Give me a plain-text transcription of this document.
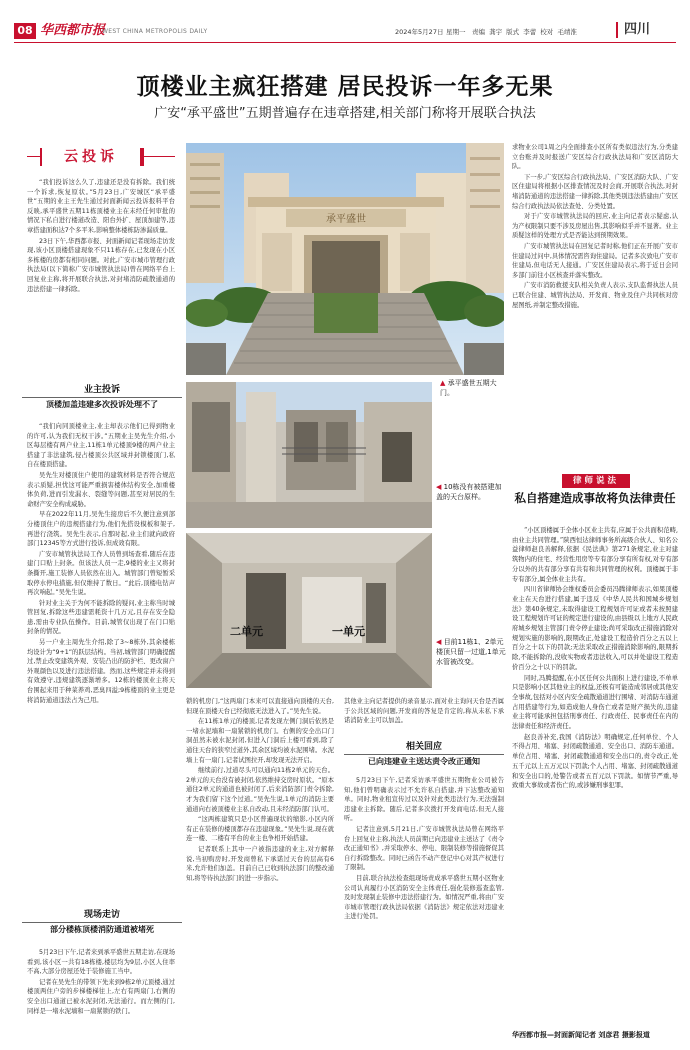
08 华西都市报
WEST CHINA METROPOLIS DAILY	2024年5月27日 星期一 责编 龚宇 版式 李蕾 校对 毛靖淮	四川
顶楼业主疯狂搭建 居民投诉一年多无果
广安“承平盛世”五期普遍存在违章搭建,相关部门称将开展联合执法
云投诉

“我们投诉这么久了,违建还是没有拆除。我们统一个诉求,恢复原状。”5月23日,广安城区“承平盛世”五期的业主王先生通过封面新闻云投诉报料平台反映,承平盛世五期11栋顶楼业主在未经任何审批的情况下私自进行楼道改造、阳台外扩、屋顶加建等,违章搭建面积达7个多平米,影响整体楼栋防渗漏质量。

23日下午,华西都市报、封面新闻记者现场走访发现,该小区顶楼搭建现象不只11栋存在,已发现在小区多栋楼的房都有相同问题。对此,广安市城市管理行政执法局(以下简称广安市城管执法局)曾在网络平台上回复业主称,将开展联合执法,对封堵消防疏散通道的违法搭建一律拆除。

业主投诉
顶楼加盖违建多次投诉处理不了

“我们向同顶楼业主,业主却表示他们已得到物业的许可,认为我们无权干涉。”五期业主吴先生介绍,小区每层楼有两户业主,11栋1单元楼顶9楼的两户业主搭建了非法建筑,侵占楼顶公共区域并封锁楼顶门,私自在楼顶搭建。

吴先生对楼顶住户使用的建筑材料是否符合规范表示质疑,担忧这可能严重损害楼体结构安全,加重楼体负荷,进而引发漏水、裂缝等问题,甚至对居民的生命财产安全构成威胁。

早在2022年11月,吴先生接房后不久便注意到部分楼顶住户的违规搭建行为,他们先搭设模板和架子,再进行浇筑。吴先生表示,自那时起,业主们就向政府部门12345等方式进行投诉,但成效有限。

广安市城管执法局工作人员曾到场查看,随后在违建门口贴上封条。但该法人员一走,9楼的业主又将封条撕开,施工装修人员依然在出入。城管部门曾短暂采取停水停电措施,但仅维持了数日。“此后,顶楼电钻声再次响起。”吴先生说。

针对业主关于为何不能拆除的疑问,业主称当时城管回复,拆除这些违建需耗资十几万元,且存在安全隐患,需由专业队伍操作。目前,城管仅出现了在门口贴封条的情况。

另一户业主周先生介绍,除了3~8栋外,其余楼栋均设计为“9+1”的跃层结构。当初,城管部门明确提醒过,禁止改变建筑外观、安装凸出的防护栏、更改窗户外观颜色以及进行违法搭建。然而,这些规定并未得到有效遵守,违规建筑逐渐增多。12栋的楼顶业主将天台围起来用于种菜养鸡,恶臭四溢;9栋楼顶的业主更是将消防通道违法占为己用。

现场走访
部分楼栋顶楼消防通道被堵死

5月23日下午,记者来到承平盛世五期走访,在现场看到,该小区一共有18栋楼,楼层均为9层,小区人住率不高,大部分房屋还处于装修施工当中。

记者在吴先生的带领下先来到9栋2单元顶楼,通过楼顶两住户旁的步梯楼梯往上,左右有两扇门,右侧的安全出口通道已被水泥封闭,无法通行。而左侧的门,同样是一堵水泥墙和一扇紧锁的铁门。

承平盛世
▲ 承平盛世五期大门。
◀ 10栋没有被搭建加盖的天台原样。
二单元	一单元
◀ 目前11栋1、2单元楼顶只留一过道,1单元水管被改变。

锁的机房门,“这两扇门本来可以直接通向顶楼的天台,但现在顶楼天台已经彻底无法进入了。”吴先生说。

在11栋1单元的楼顶,记者发现左侧门洞后依然是一堵水泥墙和一扇紧锁的机房门。右侧的安全出口门洞虽然未被水泥封闭,但进入门洞后上楼可看到,除了通往天台的狭窄过道外,其余区域均被水泥围堵。水泥墙上有一扇门,记者试图拉开,却发现无法开启。

继续前行,过道尽头可以通向11栋2单元的天台。2单元的天台没有被封闭,依然维持交房时原状。“原本通往2单元的通道也被封闭了,后来消防部门责令拆除,才为我们留下这个过道。”吴先生说,1单元的消防主要通道向右被顶楼业主私自改动,且未经消防部门认可。

“这两栋建筑只是小区普遍现状的缩影,小区内所有正在装修的楼顶都存在违建现象。”吴先生说,现在就连一楼、二楼有平台的业主也争相开始搭建。

记者联系上其中一户被指违建的业主,对方解释说,当初购房时,开发商曾私下承诺过天台的层高有6米,允许他们加盖。目前自己已收到执法部门的整改通知,将等待执法部门的进一步指示。

其他业主向记者提供的录音显示,面对业主询问天台是否属于公共区域的问题,开发商的答复是肯定的,称从未私下承诺消防业主可以加盖。

相关回应
已向违建业主送达责令改正通知

5月23日下午,记者采访承平盛世五期物业公司被告知,他们曾明确表示过不允许私自搭建,并下达整改通知单。同时,物业租宣传过以及针对此类违法行为,无法强制违建业主拆除。随后,记者多次拨打开发商电话,但无人接听。

记者注意到,5月21日,广安市城管执法局曾在网络平台上回复业主称,执法人员前期已向违建业主送达了《责令改正通知书》,并采取停水、停电、限制装修等措施督促其自行拆除整改。同时已函告不动产登记中心对其产权进行了限制。

目前,联合执法检查组现场责成承平盛世五期小区物业公司认真履行小区消防安全主体责任,强化装修巡查监管,及时发现制止装修中违法搭建行为。如情况严重,将由广安市城市管理行政执法局依据《消防法》规定依法对违建业主进行处罚。

求物业公司1周之内全面排查小区所有类似违法行为,分类建立台账并及时报送广安区综合行政执法局和广安区消防大队。

下一步,广安区综合行政执法局、广安区消防大队、广安区住建局将根据小区排查情况及时会商,开展联合执法,对封堵消防通道的违法搭建一律拆除,其他类别违法搭建由广安区综合行政执法局依法查处、分类处置。

对于广安市城管执法局的回应,业主向记者表示疑虑,认为产权限制只要不涉及房屋出售,其影响似乎并不显著。业主质疑这样的处理方式是否能达到预期效果。

广安市城管执法局在回复记者时称,他们正在开展广安市住建局过问中,具体情况需咨询住建局。记者多次致电广安市住建局,但电话无人接通。广安区住建局表示,将于近日会同多部门前往小区核查并落实整改。

广安市消防救援支队相关负责人表示,支队监督执法人员已联合住建、城管执法局、开发商、物业及住户共同核对房屋图纸,并制定整改措施。

律师说法
私自搭建造成事故将负法律责任

“小区顶楼属于全体小区业主共有,应属于公共面积范畴,由业主共同管理。”陕西恒达律师事务所高级合伙人、知名公益律师赵良善解释,依据《民法典》第271条规定,业主对建筑物内的住宅、经营性用房等专有部分享有所有权,对专有部分以外的共有部分享有共有和共同管理的权利。顶楼属于非专有部分,属全体业主共有。

四川省律师协会维权委员会委员冯腾律师表示,如果顶楼业主在天台进行搭建,属于违反《中华人民共和国城乡规划法》第40条规定,未取得建设工程规划许可证或者未按照建设工程规划许可证的规定进行建设的,由县级以上地方人民政府城乡规划主管部门责令停止建设;尚可采取改正措施消除对规划实施的影响的,限期改正,处建设工程造价百分之五以上百分之十以下的罚款;无法采取改正措施消除影响的,限期拆除,不能拆除的,没收实物或者违法收入,可以并处建设工程造价百分之十以下的罚款。

同时,冯腾提醒,在小区任何公共面积上进行建设,不单单只是影响小区其他业主的权益,还极有可能造成邻居或其他安全事故,包括对小区内安全疏散通道进行围堵、对消防车通道占用搭建等行为,如造成他人身伤亡或者是财产损失的,违建业主将可能承担包括刑事责任、行政责任、民事责任在内的法律责任和经济责任。

赵良善补充,我国《消防法》明确规定,任何单位、个人不得占用、堵塞、封闭疏散通道、安全出口、消防车通道。单位占用、堵塞、封闭疏散通道和安全出口的,责令改正,处五千元以上五万元以下罚款;个人占用、堵塞、封闭疏散通道和安全出口的,处警告或者五百元以下罚款。如情节严重,导致重大事故或者伤亡的,或涉嫌刑事犯罪。

华西都市报—封面新闻记者 刘彦君 摄影报道
